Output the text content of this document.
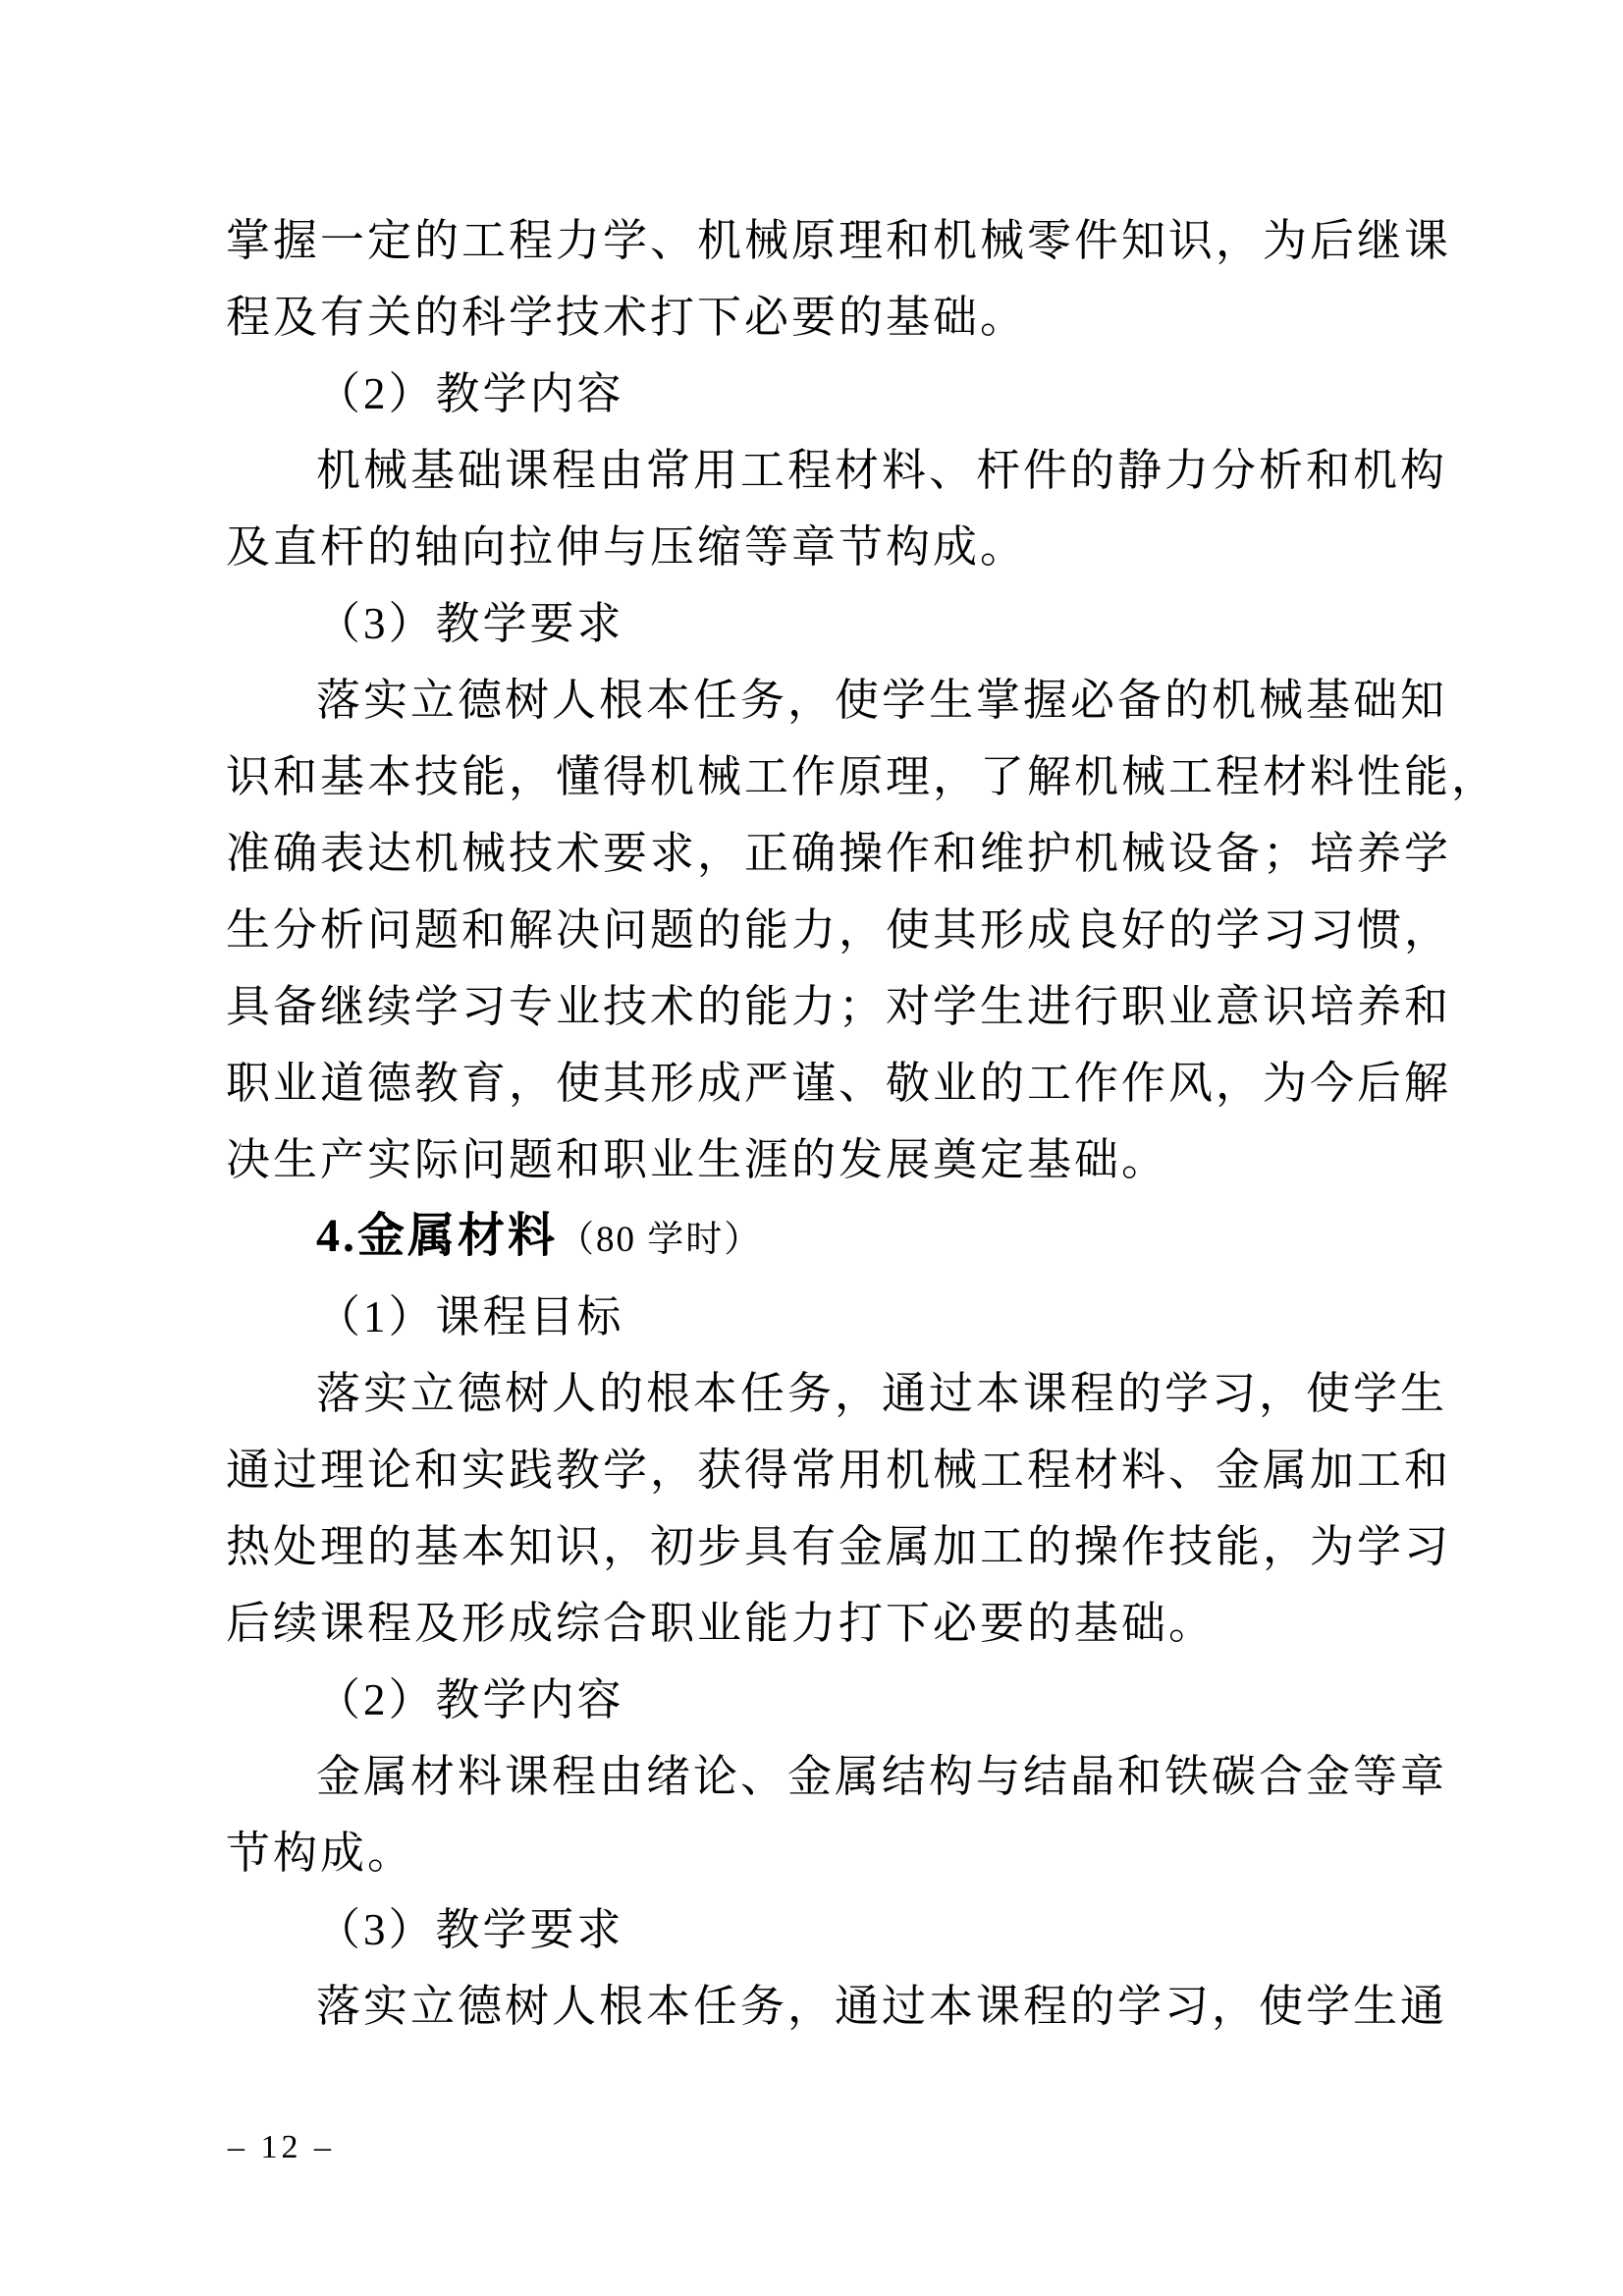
掌握一定的工程力学、机械原理和机械零件知识，为后继课
程及有关的科学技术打下必要的基础。
（2）教学内容
机械基础课程由常用工程材料、杆件的静力分析和机构
及直杆的轴向拉伸与压缩等章节构成。
（3）教学要求
落实立德树人根本任务，使学生掌握必备的机械基础知
识和基本技能，懂得机械工作原理，了解机械工程材料性能，
准确表达机械技术要求，正确操作和维护机械设备；培养学
生分析问题和解决问题的能力，使其形成良好的学习习惯，
具备继续学习专业技术的能力；对学生进行职业意识培养和
职业道德教育，使其形成严谨、敬业的工作作风，为今后解
决生产实际问题和职业生涯的发展奠定基础。
4.金属材料（80 学时）
（1）课程目标
落实立德树人的根本任务，通过本课程的学习，使学生
通过理论和实践教学，获得常用机械工程材料、金属加工和
热处理的基本知识，初步具有金属加工的操作技能，为学习
后续课程及形成综合职业能力打下必要的基础。
（2）教学内容
金属材料课程由绪论、金属结构与结晶和铁碳合金等章
节构成。
（3）教学要求
落实立德树人根本任务，通过本课程的学习，使学生通
– 12 –
